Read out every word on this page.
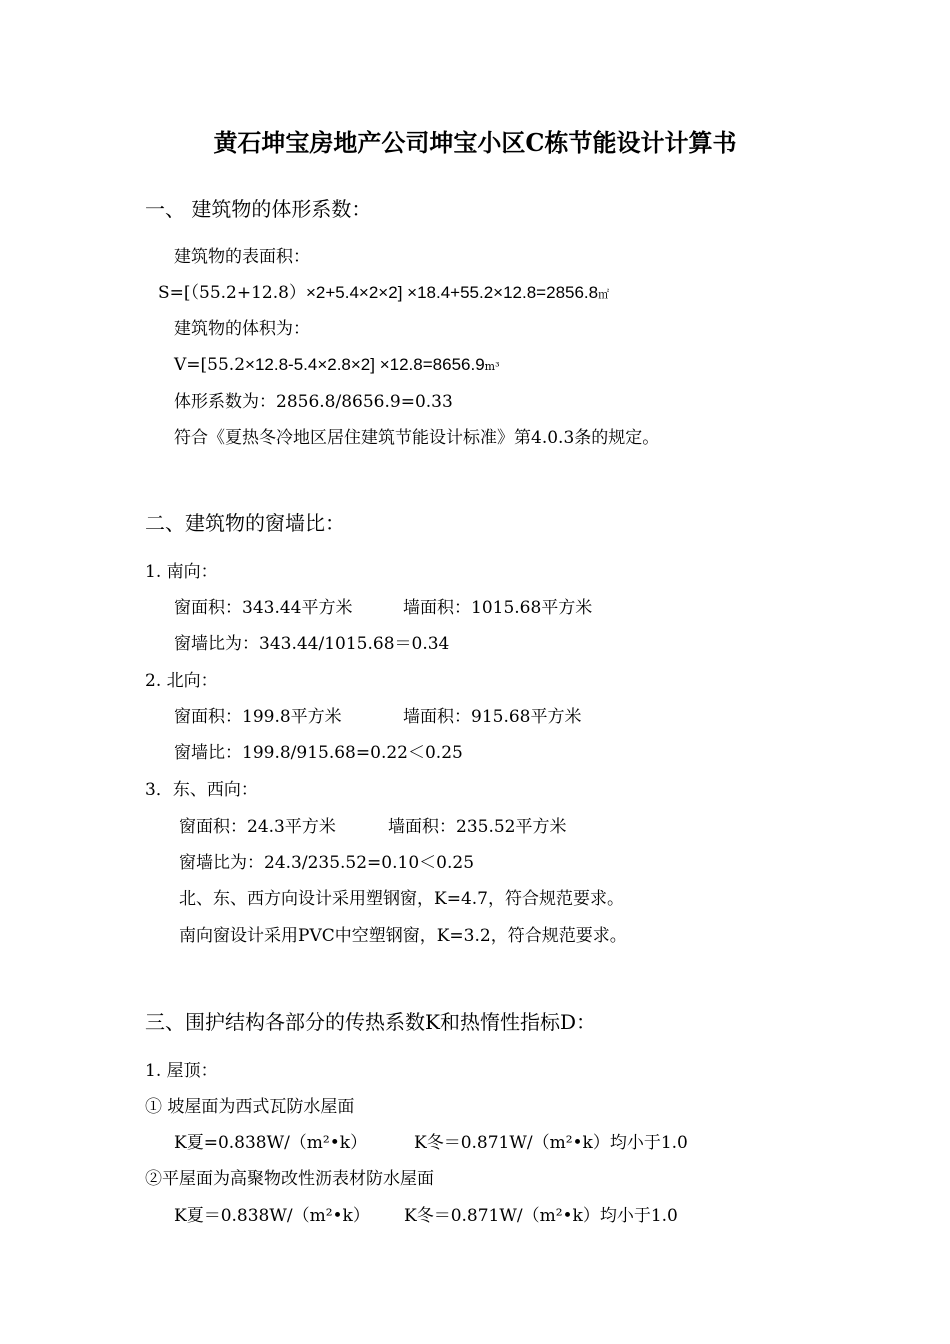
黄石坤宝房地产公司坤宝小区C栋节能设计计算书
一、 建筑物的体形系数：
建筑物的表面积：
S=[（55.2+12.8）×2+5.4×2×2] ×18.4+55.2×12.8=2856.8㎡
建筑物的体积为：
V=[55.2×12.8-5.4×2.8×2] ×12.8=8656.9m³
体形系数为：2856.8/8656.9=0.33
符合《夏热冬冷地区居住建筑节能设计标准》第4.0.3条的规定。
二、建筑物的窗墙比：
1. 南向：
窗面积：343.44平方米	墙面积：1015.68平方米
窗墙比为：343.44/1015.68＝0.34
2. 北向：
窗面积：199.8平方米	墙面积：915.68平方米
窗墙比：199.8/915.68=0.22＜0.25
3．东、西向：
窗面积：24.3平方米	墙面积：235.52平方米
窗墙比为：24.3/235.52=0.10＜0.25
北、东、西方向设计采用塑钢窗，K=4.7，符合规范要求。
南向窗设计采用PVC中空塑钢窗，K=3.2，符合规范要求。
三、围护结构各部分的传热系数K和热惰性指标D：
1. 屋顶：
① 坡屋面为西式瓦防水屋面
K夏=0.838W/（m²•k）	K冬＝0.871W/（m²•k）均小于1.0
②平屋面为高聚物改性沥表材防水屋面
K夏＝0.838W/（m²•k） K冬＝0.871W/（m²•k）均小于1.0
